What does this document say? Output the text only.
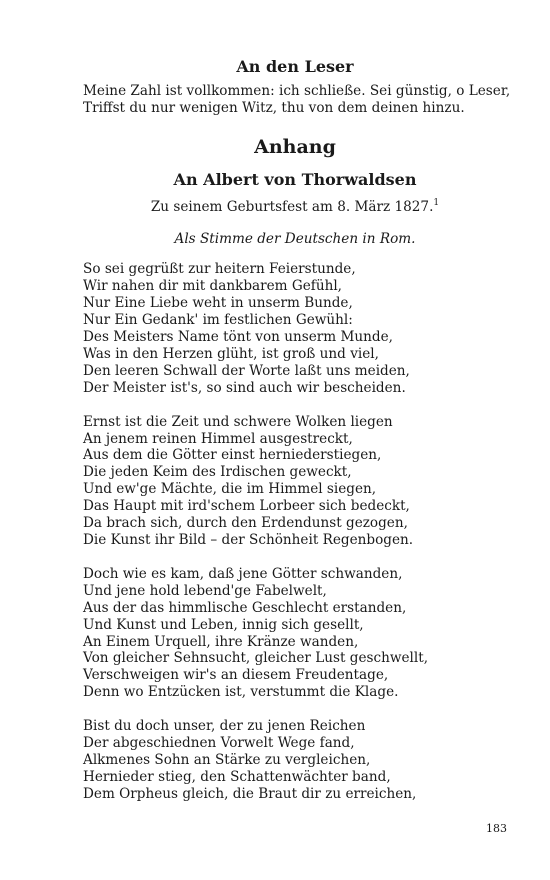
An den Leser
Meine Zahl ist vollkommen: ich schließe. Sei günstig, o Leser,
Triffst du nur wenigen Witz, thu von dem deinen hinzu.
Anhang
An Albert von Thorwaldsen

Zu seinem Geburtsfest am 8. März 1827.$^1$

Als Stimme der Deutschen in Rom.

So sei gegrüßt zur heitern Feierstunde,
Wir nahen dir mit dankbarem Gefühl,
Nur Eine Liebe weht in unserm Bunde,
Nur Ein Gedank' im festlichen Gewühl:
Des Meisters Name tönt von unserm Munde,
Was in den Herzen glüht, ist groß und viel,
Den leeren Schwall der Worte laßt uns meiden,
Der Meister ist's, so sind auch wir bescheiden.
Ernst ist die Zeit und schwere Wolken liegen
An jenem reinen Himmel ausgestreckt,
Aus dem die Götter einst herniederstiegen,
Die jeden Keim des Irdischen geweckt,
Und ew'ge Mächte, die im Himmel siegen,
Das Haupt mit ird'schem Lorbeer sich bedeckt,
Da brach sich, durch den Erdendunst gezogen,
Die Kunst ihr Bild – der Schönheit Regenbogen.
Doch wie es kam, daß jene Götter schwanden,
Und jene hold lebend'ge Fabelwelt,
Aus der das himmlische Geschlecht erstanden,
Und Kunst und Leben, innig sich gesellt,
An Einem Urquell, ihre Kränze wanden,
Von gleicher Sehnsucht, gleicher Lust geschwellt,
Verschweigen wir's an diesem Freudentage,
Denn wo Entzücken ist, verstummt die Klage.
Bist du doch unser, der zu jenen Reichen
Der abgeschiednen Vorwelt Wege fand,
Alkmenes Sohn an Stärke zu vergleichen,
Hernieder stieg, den Schattenwächter band,
Dem Orpheus gleich, die Braut dir zu erreichen,
183
